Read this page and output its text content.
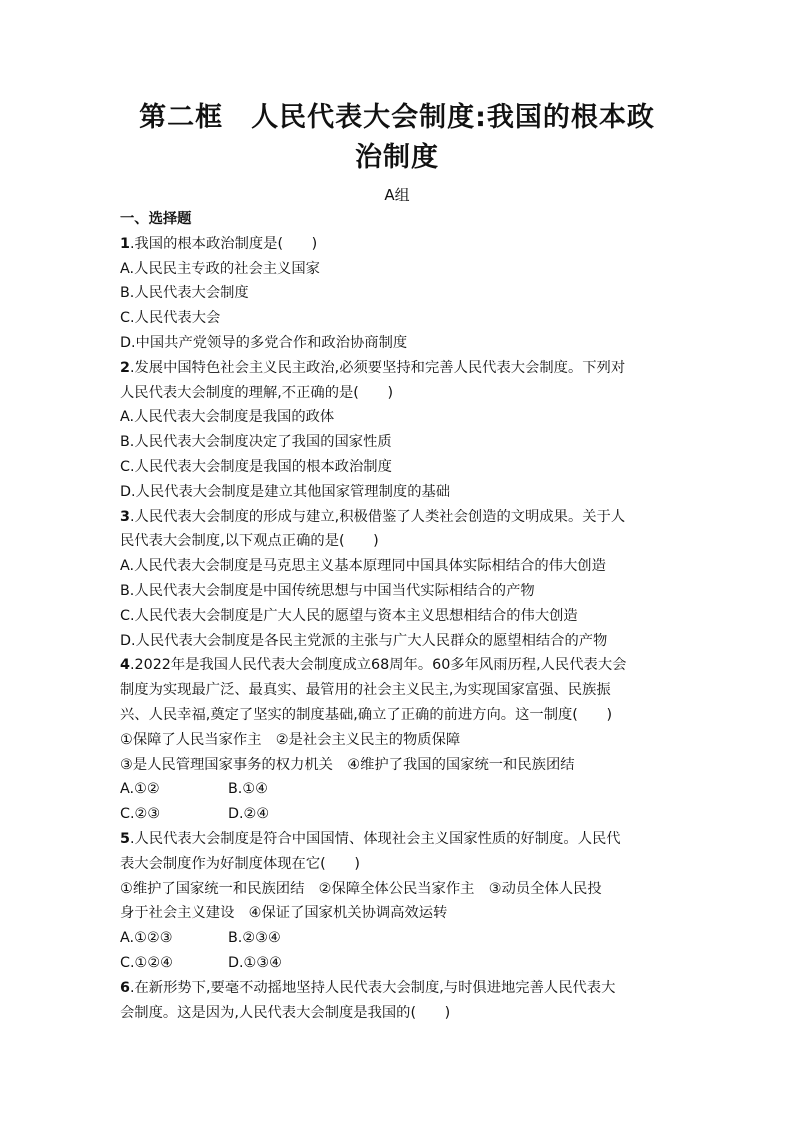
第二框　人民代表大会制度:我国的根本政
治制度
A组
一、选择题
1.我国的根本政治制度是(　　)
A.人民民主专政的社会主义国家
B.人民代表大会制度
C.人民代表大会
D.中国共产党领导的多党合作和政治协商制度
2.发展中国特色社会主义民主政治,必须要坚持和完善人民代表大会制度。下列对
人民代表大会制度的理解,不正确的是(　　)
A.人民代表大会制度是我国的政体
B.人民代表大会制度决定了我国的国家性质
C.人民代表大会制度是我国的根本政治制度
D.人民代表大会制度是建立其他国家管理制度的基础
3.人民代表大会制度的形成与建立,积极借鉴了人类社会创造的文明成果。关于人
民代表大会制度,以下观点正确的是(　　)
A.人民代表大会制度是马克思主义基本原理同中国具体实际相结合的伟大创造
B.人民代表大会制度是中国传统思想与中国当代实际相结合的产物
C.人民代表大会制度是广大人民的愿望与资本主义思想相结合的伟大创造
D.人民代表大会制度是各民主党派的主张与广大人民群众的愿望相结合的产物
4.2022年是我国人民代表大会制度成立68周年。60多年风雨历程,人民代表大会
制度为实现最广泛、最真实、最管用的社会主义民主,为实现国家富强、民族振
兴、人民幸福,奠定了坚实的制度基础,确立了正确的前进方向。这一制度(　　)
①保障了人民当家作主　②是社会主义民主的物质保障
③是人民管理国家事务的权力机关　④维护了我国的国家统一和民族团结
A.①②	B.①④
C.②③	D.②④
5.人民代表大会制度是符合中国国情、体现社会主义国家性质的好制度。人民代
表大会制度作为好制度体现在它(　　)
①维护了国家统一和民族团结　②保障全体公民当家作主　③动员全体人民投
身于社会主义建设　④保证了国家机关协调高效运转
A.①②③	B.②③④
C.①②④	D.①③④
6.在新形势下,要毫不动摇地坚持人民代表大会制度,与时俱进地完善人民代表大
会制度。这是因为,人民代表大会制度是我国的(　　)
